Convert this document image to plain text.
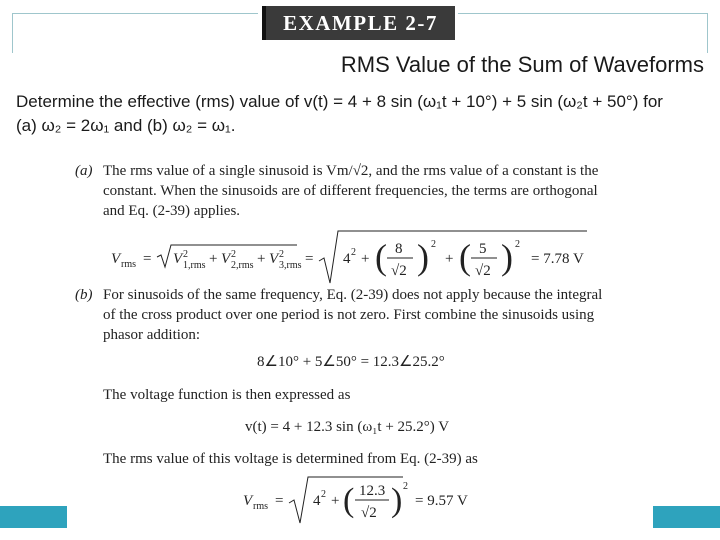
EXAMPLE 2-7
RMS Value of the Sum of Waveforms
Determine the effective (rms) value of v(t) = 4 + 8 sin (ω₁t + 10°) + 5 sin (ω₂t + 50°) for
(a) ω₂ = 2ω₁ and (b) ω₂ = ω₁.
(a) The rms value of a single sinusoid is Vm/√2, and the rms value of a constant is the
constant. When the sinusoids are of different frequencies, the terms are orthogonal
and Eq. (2-39) applies.
V rms = V 2
1,rms + V 2
2,rms + V 2
3,rms = 4 2 + ( 8
√2 ) 2
+ ( 5
√2 ) 2
= 7.78 V
(b) For sinusoids of the same frequency, Eq. (2-39) does not apply because the integral
of the cross product over one period is not zero. First combine the sinusoids using
phasor addition:
8∠10° + 5∠50° = 12.3∠25.2°
The voltage function is then expressed as
v(t) = 4 + 12.3 sin (ω₁t + 25.2°) V
The rms value of this voltage is determined from Eq. (2-39) as
V rms = 4 2 + ( 12.3
√2 ) 2
= 9.57 V
